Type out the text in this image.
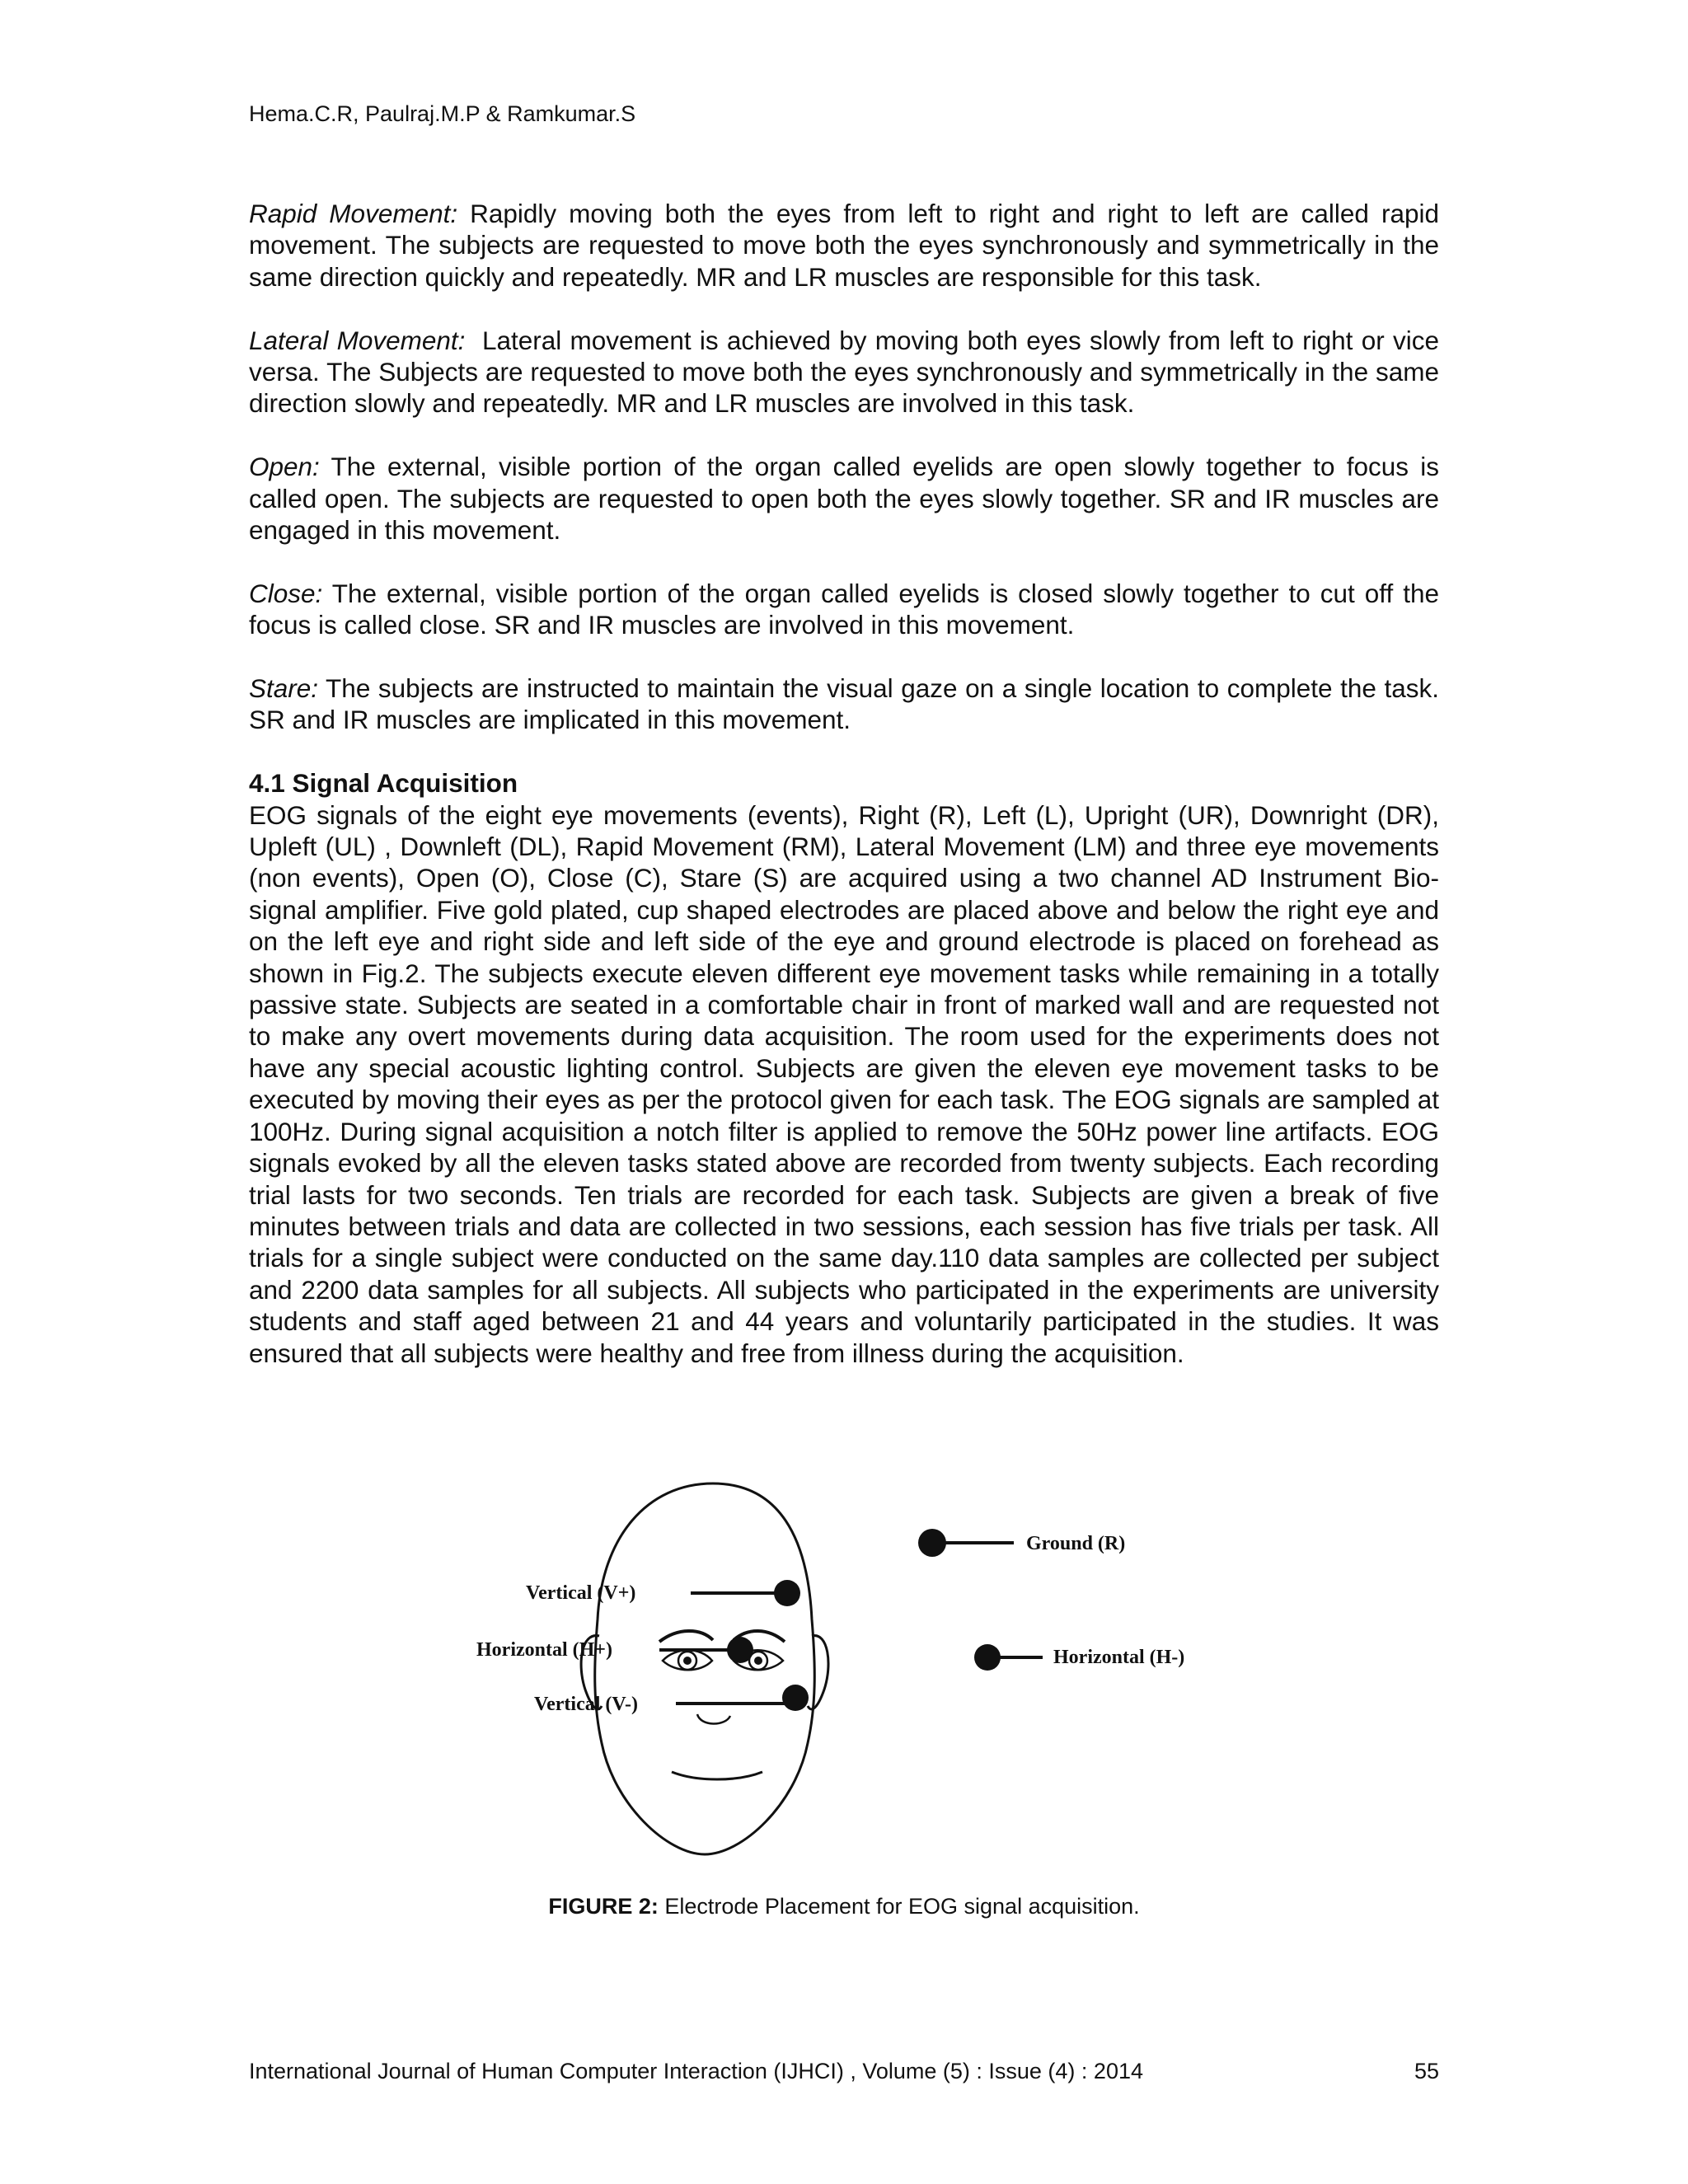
Hema.C.R, Paulraj.M.P & Ramkumar.S

Rapid Movement: Rapidly moving both the eyes from left to right and right to left are called rapid movement. The subjects are requested to move both the eyes synchronously and symmetrically in the same direction quickly and repeatedly. MR and LR muscles are responsible for this task.

Lateral Movement:  Lateral movement is achieved by moving both eyes slowly from left to right or vice versa. The Subjects are requested to move both the eyes synchronously and symmetrically in the same direction slowly and repeatedly. MR and LR muscles are involved in this task.

Open: The external, visible portion of the organ called eyelids are open slowly together to focus is called open. The subjects are requested to open both the eyes slowly together. SR and IR muscles are engaged in this movement.

Close: The external, visible portion of the organ called eyelids is closed slowly together to cut off the focus is called close. SR and IR muscles are involved in this movement.

Stare: The subjects are instructed to maintain the visual gaze on a single location to complete the task. SR and IR muscles are implicated in this movement.

4.1 Signal Acquisition

EOG signals of the eight eye movements (events), Right (R), Left (L), Upright (UR), Downright (DR), Upleft (UL) , Downleft (DL), Rapid Movement (RM), Lateral Movement (LM) and three eye movements (non events), Open (O), Close (C), Stare (S) are acquired using a two channel AD Instrument Bio-signal amplifier. Five gold plated, cup shaped electrodes are placed above and below the right eye and on the left eye and right side and left side of the eye and ground electrode is placed on forehead as shown in Fig.2. The subjects execute eleven different eye movement tasks while remaining in a totally passive state. Subjects are seated in a comfortable chair in front of marked wall and are requested not to make any overt movements during data acquisition. The room used for the experiments does not have any special acoustic lighting control. Subjects are given the eleven eye movement tasks to be executed by moving their eyes as per the protocol given for each task. The EOG signals are sampled at 100Hz. During signal acquisition a notch filter is applied to remove the 50Hz power line artifacts. EOG signals evoked by all the eleven tasks stated above are recorded from twenty subjects. Each recording trial lasts for two seconds. Ten trials are recorded for each task. Subjects are given a break of five minutes between trials and data are collected in two sessions, each session has five trials per task. All trials for a single subject were conducted on the same day.110 data samples are collected per subject and 2200 data samples for all subjects. All subjects who participated in the experiments are university students and staff aged between 21 and 44 years and voluntarily participated in the studies. It was ensured that all subjects were healthy and free from illness during the acquisition.

Ground (R)
Vertical (V+)
Horizontal (H+)	Horizontal (H-)
Vertical (V-)
FIGURE 2: Electrode Placement for EOG signal acquisition.
International Journal of Human Computer Interaction (IJHCI) , Volume (5) : Issue (4) : 2014	55
